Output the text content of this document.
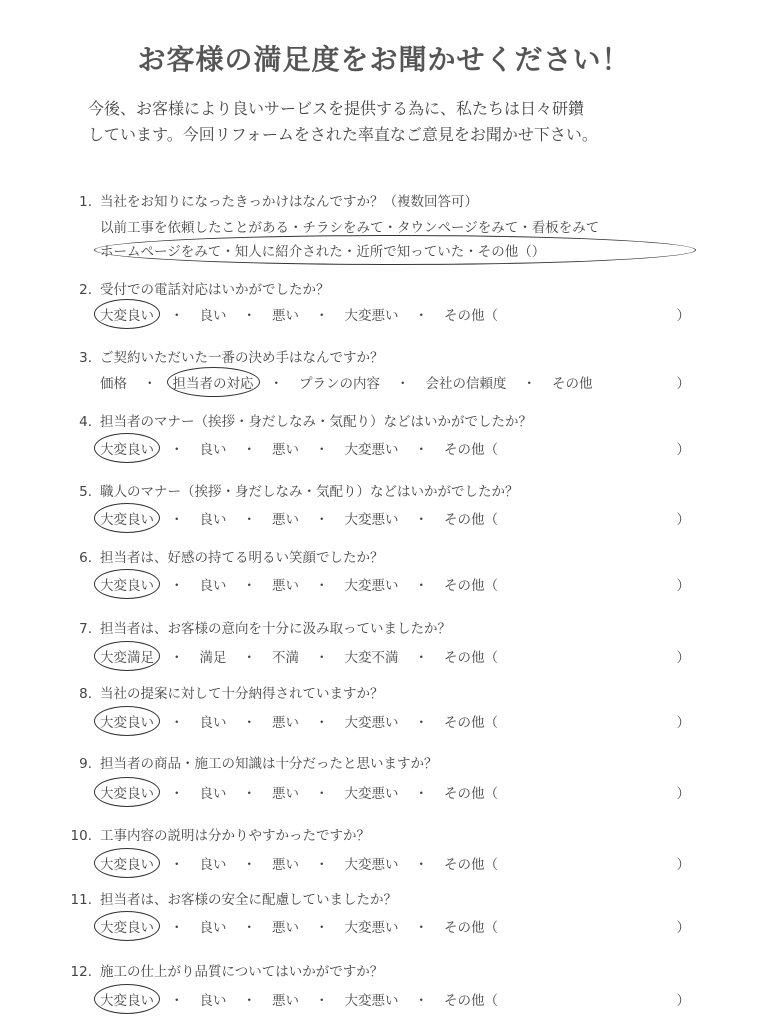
お客様の満足度をお聞かせください！
今後、お客様により良いサービスを提供する為に、私たちは日々研鑽
しています。今回リフォームをされた率直なご意見をお聞かせ下さい。
1. 当社をお知りになったきっかけはなんですか？（複数回答可）
以前工事を依頼したことがある ・ チラシをみて ・ タウンページをみて ・ 看板をみて
ホームページをみて ・ 知人に紹介された ・ 近所で知っていた ・ その他（ ）
2. 受付での電話対応はいかがでしたか？
大変良い ・ 良い ・ 悪い ・ 大変悪い ・ その他（	）
3. ご契約いただいた一番の決め手はなんですか？
価格 ・ 担当者の対応 ・ プランの内容 ・ 会社の信頼度 ・ その他	）
4. 担当者のマナー（挨拶・身だしなみ・気配り）などはいかがでしたか？
大変良い ・ 良い ・ 悪い ・ 大変悪い ・ その他（	）
5. 職人のマナー（挨拶・身だしなみ・気配り）などはいかがでしたか？
大変良い ・ 良い ・ 悪い ・ 大変悪い ・ その他（	）
6. 担当者は、好感の持てる明るい笑顔でしたか？
大変良い ・ 良い ・ 悪い ・ 大変悪い ・ その他（	）
7. 担当者は、お客様の意向を十分に汲み取っていましたか？
大変満足 ・ 満足 ・ 不満 ・ 大変不満 ・ その他（	）
8. 当社の提案に対して十分納得されていますか？
大変良い ・ 良い ・ 悪い ・ 大変悪い ・ その他（	）
9. 担当者の商品・施工の知識は十分だったと思いますか？
大変良い ・ 良い ・ 悪い ・ 大変悪い ・ その他（	）
10. 工事内容の説明は分かりやすかったですか？
大変良い ・ 良い ・ 悪い ・ 大変悪い ・ その他（	）
11. 担当者は、お客様の安全に配慮していましたか？
大変良い ・ 良い ・ 悪い ・ 大変悪い ・ その他（	）
12. 施工の仕上がり品質についてはいかがですか？
大変良い ・ 良い ・ 悪い ・ 大変悪い ・ その他（	）
